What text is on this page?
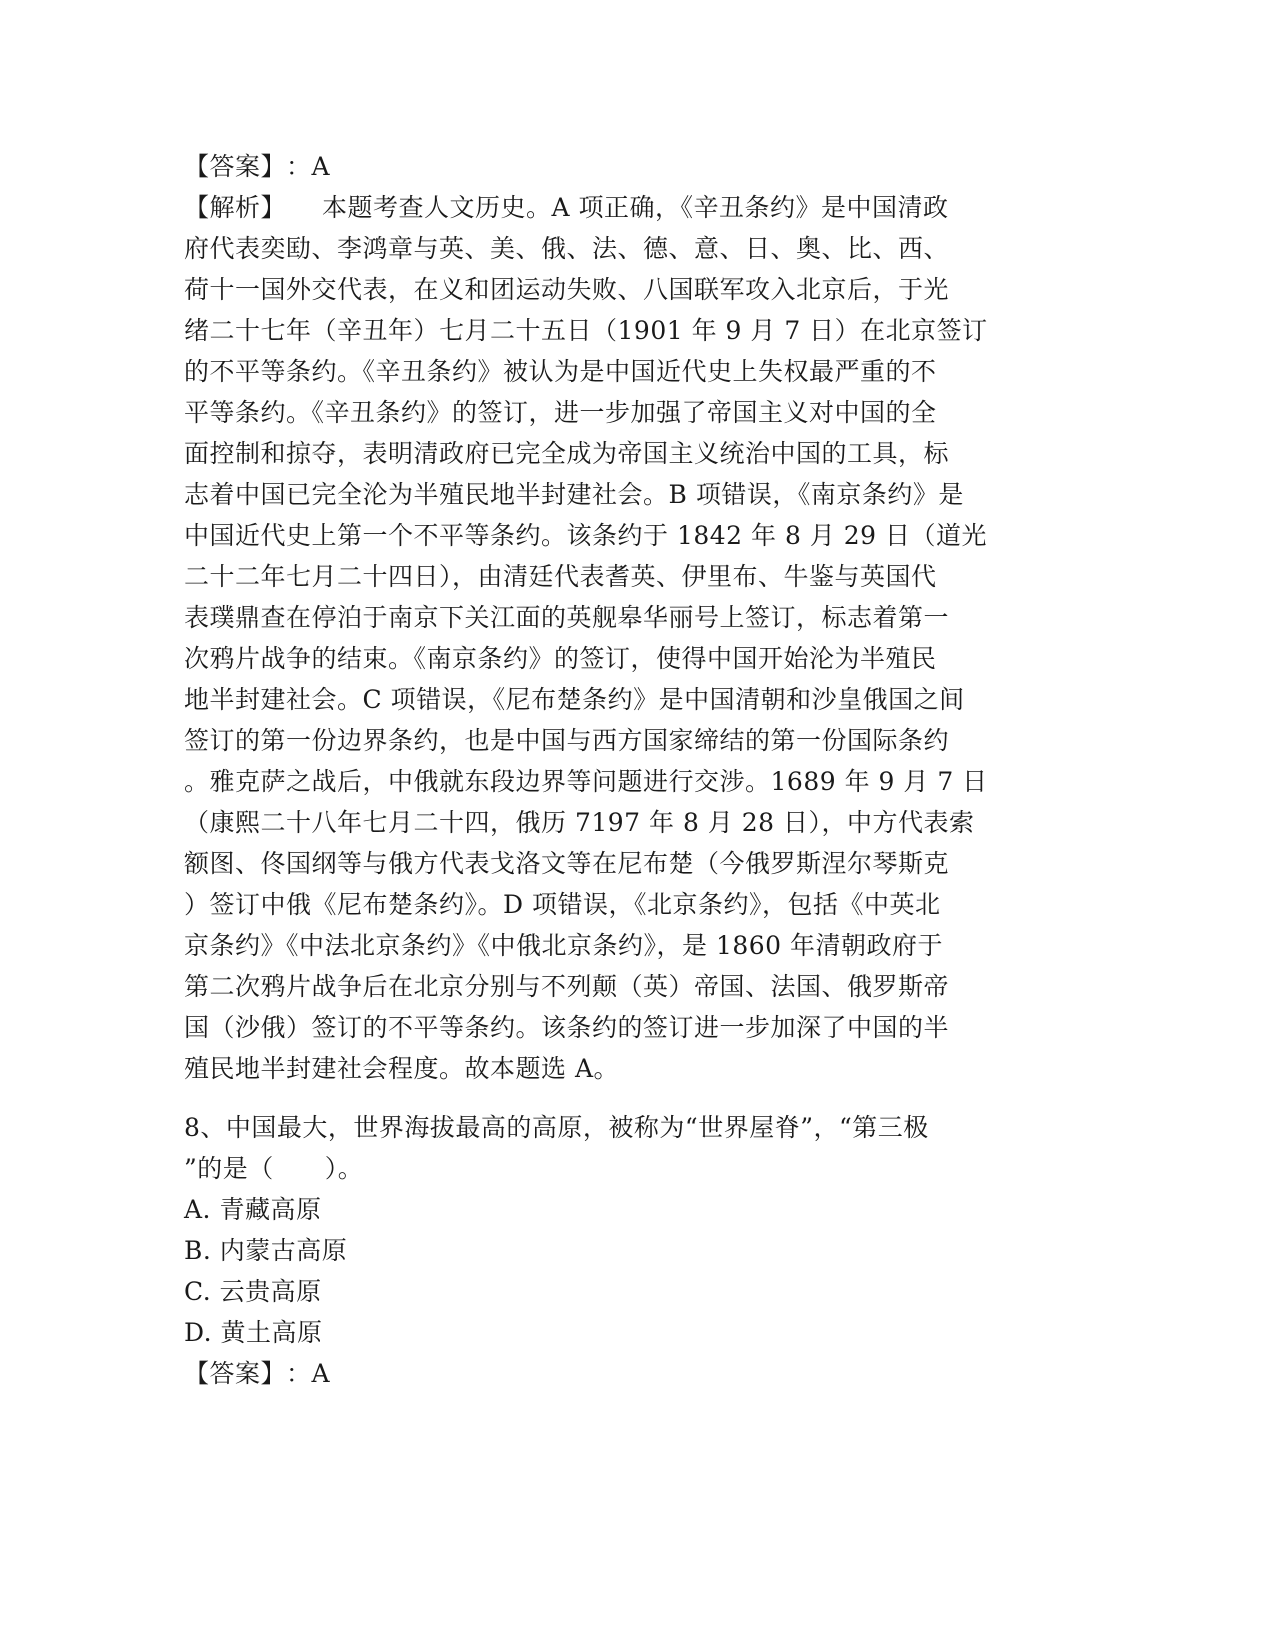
【答案】：A
【解析】 本题考查人文历史。A 项正确，《辛丑条约》是中国清政
府代表奕劻、李鸿章与英、美、俄、法、德、意、日、奥、比、西、
荷十一国外交代表，在义和团运动失败、八国联军攻入北京后，于光
绪二十七年（辛丑年）七月二十五日（1901 年 9 月 7 日）在北京签订
的不平等条约。《辛丑条约》被认为是中国近代史上失权最严重的不
平等条约。《辛丑条约》的签订，进一步加强了帝国主义对中国的全
面控制和掠夺，表明清政府已完全成为帝国主义统治中国的工具，标
志着中国已完全沦为半殖民地半封建社会。B 项错误，《南京条约》是
中国近代史上第一个不平等条约。该条约于 1842 年 8 月 29 日（道光
二十二年七月二十四日），由清廷代表耆英、伊里布、牛鉴与英国代
表璞鼎查在停泊于南京下关江面的英舰皋华丽号上签订，标志着第一
次鸦片战争的结束。《南京条约》的签订，使得中国开始沦为半殖民
地半封建社会。C 项错误，《尼布楚条约》是中国清朝和沙皇俄国之间
签订的第一份边界条约，也是中国与西方国家缔结的第一份国际条约
。雅克萨之战后，中俄就东段边界等问题进行交涉。1689 年 9 月 7 日
（康熙二十八年七月二十四，俄历 7197 年 8 月 28 日），中方代表索
额图、佟国纲等与俄方代表戈洛文等在尼布楚（今俄罗斯涅尔琴斯克
）签订中俄《尼布楚条约》。D 项错误，《北京条约》，包括《中英北
京条约》《中法北京条约》《中俄北京条约》，是 1860 年清朝政府于
第二次鸦片战争后在北京分别与不列颠（英）帝国、法国、俄罗斯帝
国（沙俄）签订的不平等条约。该条约的签订进一步加深了中国的半
殖民地半封建社会程度。故本题选 A。
8、中国最大，世界海拔最高的高原，被称为“世界屋脊”，“第三极
”的是（　　）。
A. 青藏高原
B. 内蒙古高原
C. 云贵高原
D. 黄土高原
【答案】：A
